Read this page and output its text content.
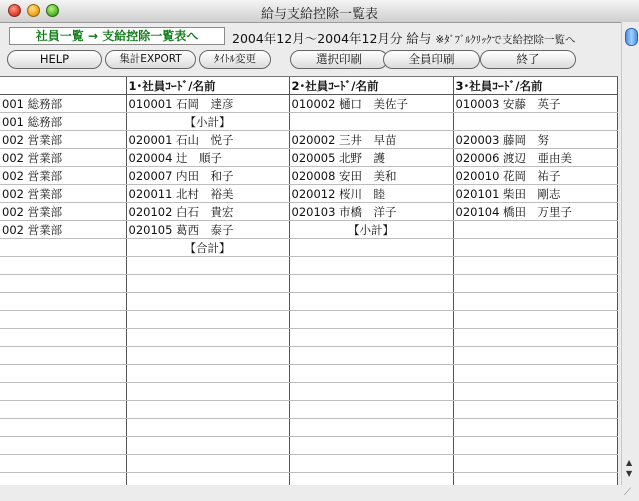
給与支給控除一覧表
社員一覧 → 支給控除一覧表へ	2004年12月～2004年12月分 給与 ※ﾀﾞﾌﾞﾙｸﾘｯｸで支給控除一覧へ
HELP	集計EXPORT	ﾀｲﾄﾙ変更	選択印刷	全員印刷	終了
	1･社員ｺｰﾄﾞ/名前	2･社員ｺｰﾄﾞ/名前	3･社員ｺｰﾄﾞ/名前
001 総務部	010001 石岡　達彦	010002 樋口　美佐子	010003 安藤　英子
001 総務部	【小計】		
002 営業部	020001 石山　悦子	020002 三井　早苗	020003 藤岡　努
002 営業部	020004 辻　順子	020005 北野　護	020006 渡辺　亜由美
002 営業部	020007 内田　和子	020008 安田　美和	020010 花岡　祐子
002 営業部	020011 北村　裕美	020012 桜川　睦	020101 柴田　剛志
002 営業部	020102 白石　貴宏	020103 市橋　洋子	020104 橋田　万里子
002 営業部	020105 葛西　泰子	【小計】	
	【合計】		

▲
▼
⟋
